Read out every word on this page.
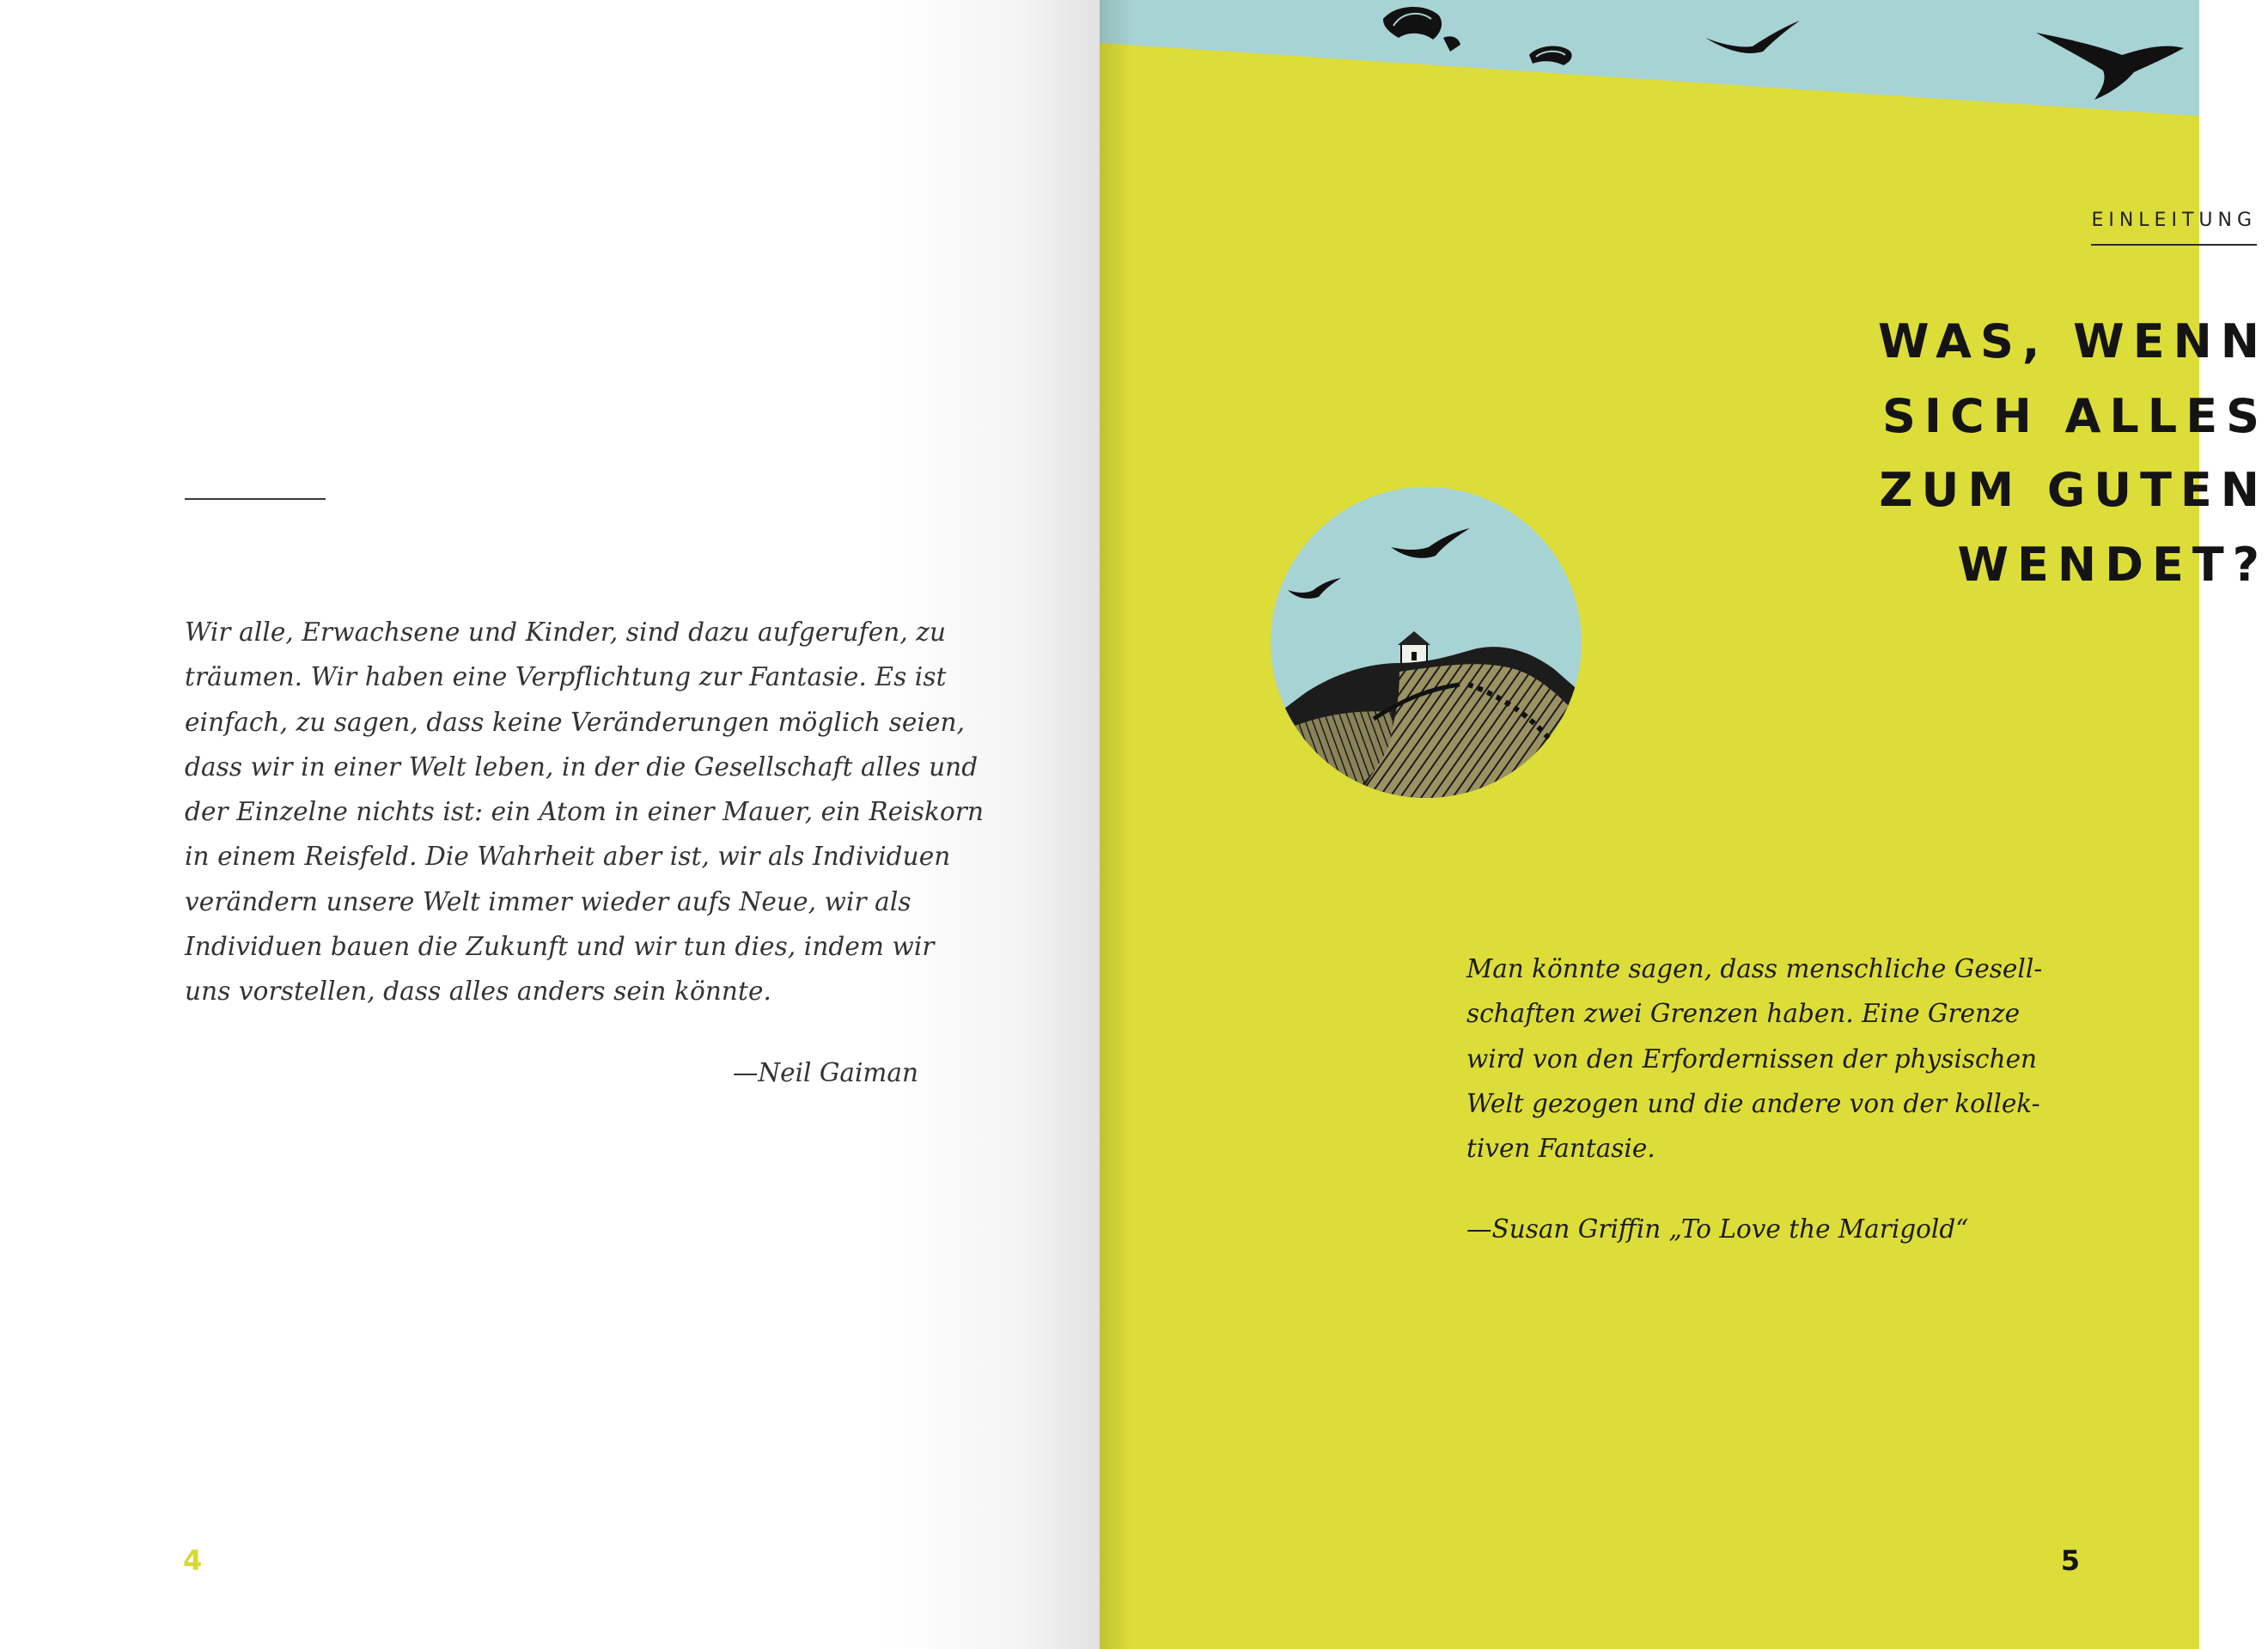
Wir alle, Erwachsene und Kinder, sind dazu aufgerufen, zu
träumen. Wir haben eine Verpflichtung zur Fantasie. Es ist
einfach, zu sagen, dass keine Veränderungen möglich seien,
dass wir in einer Welt leben, in der die Gesellschaft alles und
der Einzelne nichts ist: ein Atom in einer Mauer, ein Reiskorn
in einem Reisfeld. Die Wahrheit aber ist, wir als Individuen
verändern unsere Welt immer wieder aufs Neue, wir als
Individuen bauen die Zukunft und wir tun dies, indem wir
uns vorstellen, dass alles anders sein könnte.
—Neil Gaiman
4
EINLEITUNG
WAS, WENN
SICH ALLES
ZUM GUTEN
WENDET?
Man könnte sagen, dass menschliche Gesell-
schaften zwei Grenzen haben. Eine Grenze
wird von den Erfordernissen der physischen
Welt gezogen und die andere von der kollek-
tiven Fantasie.
—Susan Griffin „To Love the Marigold“
5
